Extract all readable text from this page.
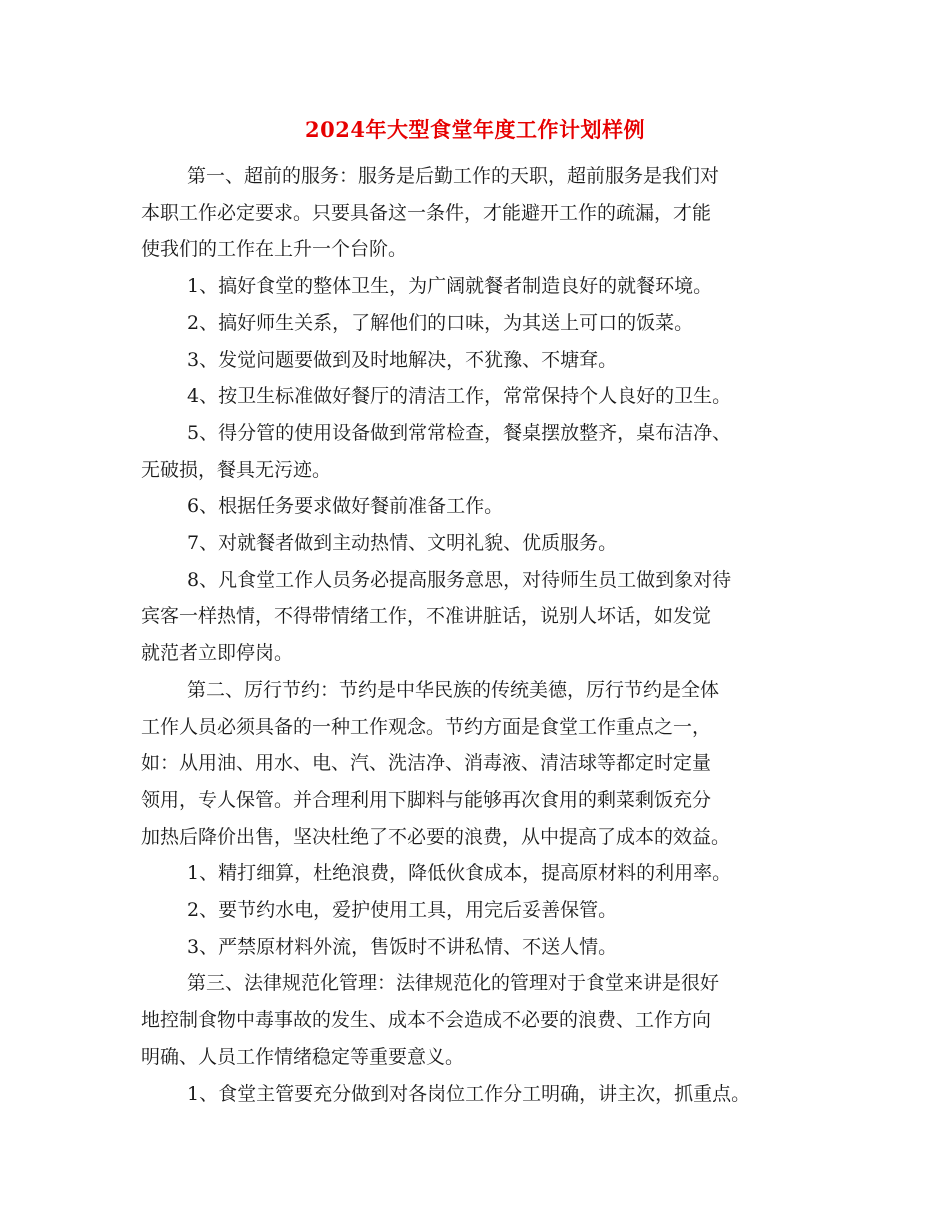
2024年大型食堂年度工作计划样例

第一、超前的服务：服务是后勤工作的天职，超前服务是我们对
本职工作必定要求。只要具备这一条件，才能避开工作的疏漏，才能
使我们的工作在上升一个台阶。

1、搞好食堂的整体卫生，为广阔就餐者制造良好的就餐环境。

2、搞好师生关系，了解他们的口味，为其送上可口的饭菜。

3、发觉问题要做到及时地解决，不犹豫、不塘耷。

4、按卫生标准做好餐厅的清洁工作，常常保持个人良好的卫生。

5、得分管的使用设备做到常常检查，餐桌摆放整齐，桌布洁净、
无破损，餐具无污迹。

6、根据任务要求做好餐前准备工作。

7、对就餐者做到主动热情、文明礼貌、优质服务。

8、凡食堂工作人员务必提高服务意思，对待师生员工做到象对待
宾客一样热情，不得带情绪工作，不准讲脏话，说别人坏话，如发觉
就范者立即停岗。

第二、厉行节约：节约是中华民族的传统美德，厉行节约是全体
工作人员必须具备的一种工作观念。节约方面是食堂工作重点之一，
如：从用油、用水、电、汽、洗洁净、消毒液、清洁球等都定时定量
领用，专人保管。并合理利用下脚料与能够再次食用的剩菜剩饭充分
加热后降价出售，坚决杜绝了不必要的浪费，从中提高了成本的效益。

1、精打细算，杜绝浪费，降低伙食成本，提高原材料的利用率。

2、要节约水电，爱护使用工具，用完后妥善保管。

3、严禁原材料外流，售饭时不讲私情、不送人情。

第三、法律规范化管理：法律规范化的管理对于食堂来讲是很好
地控制食物中毒事故的发生、成本不会造成不必要的浪费、工作方向
明确、人员工作情绪稳定等重要意义。

1、食堂主管要充分做到对各岗位工作分工明确，讲主次，抓重点。
